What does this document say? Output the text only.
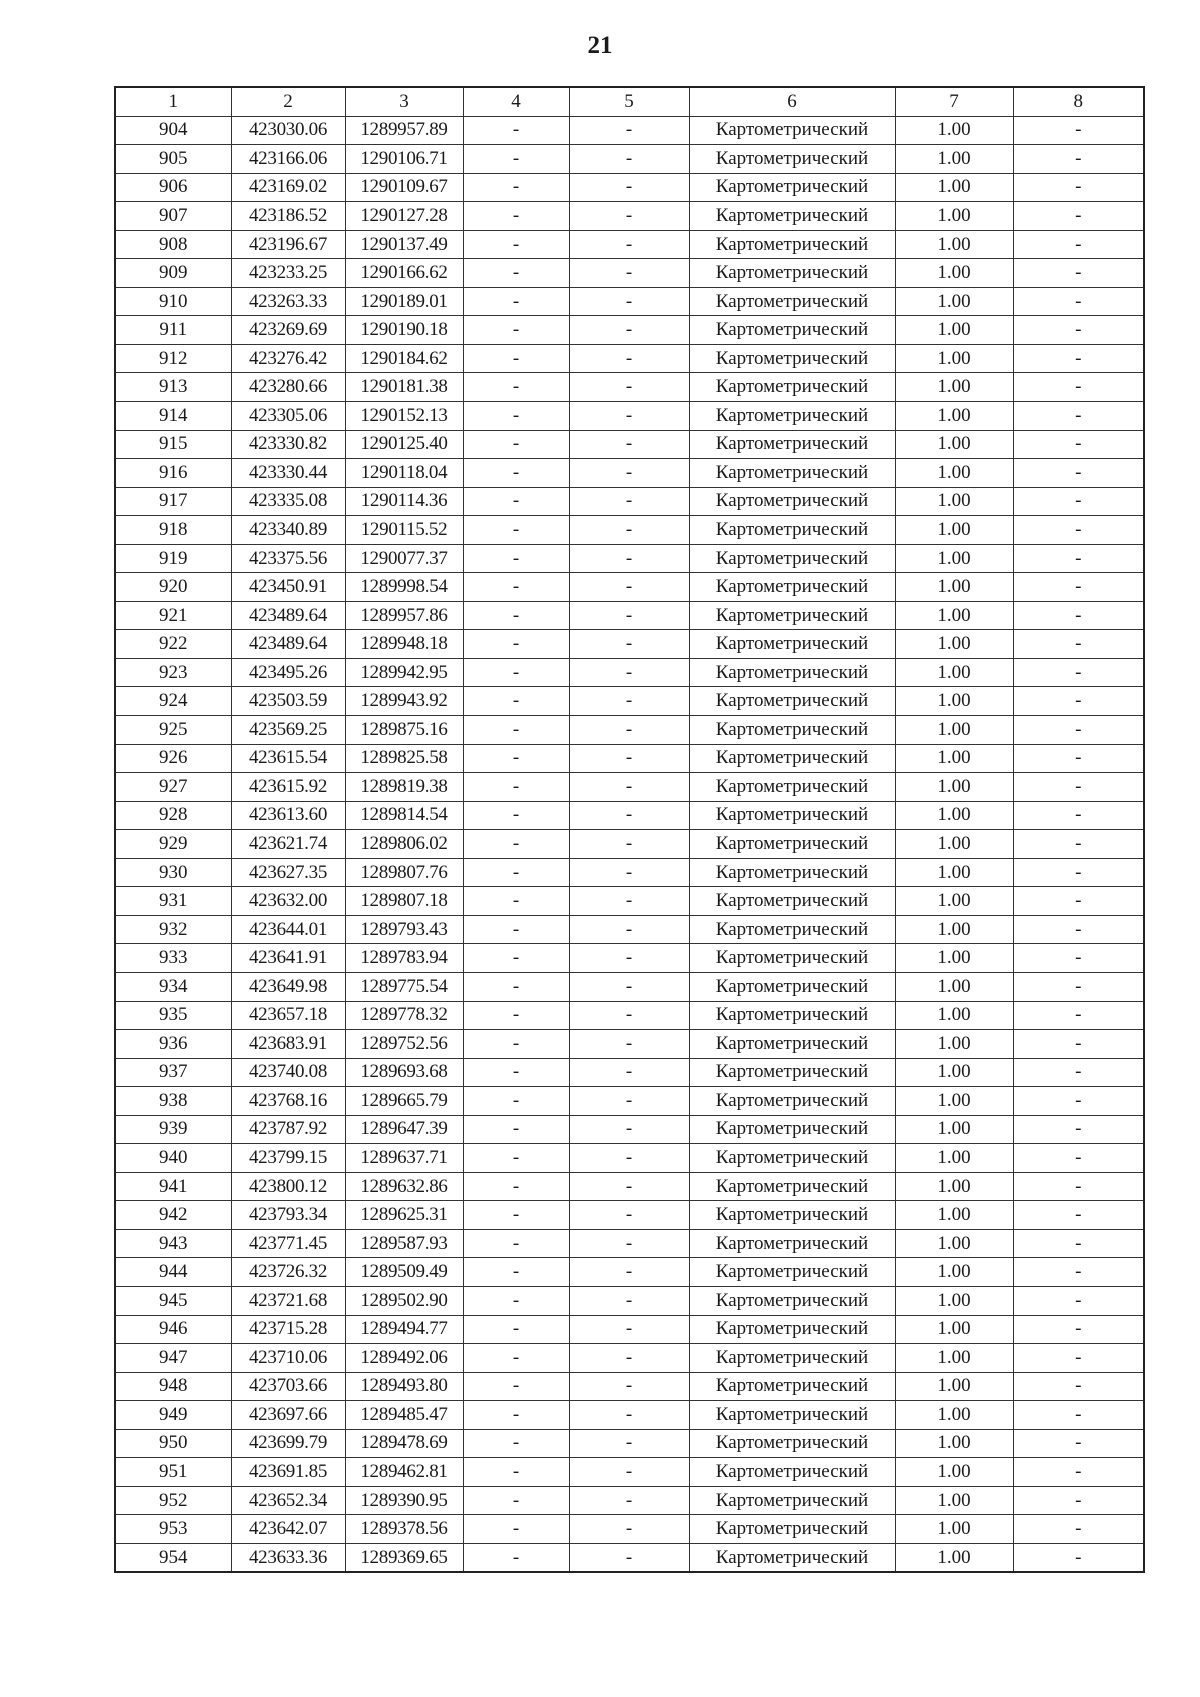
21
1	2	3	4	5	6	7	8
904	423030.06	1289957.89	-	-	Картометрический	1.00	-
905	423166.06	1290106.71	-	-	Картометрический	1.00	-
906	423169.02	1290109.67	-	-	Картометрический	1.00	-
907	423186.52	1290127.28	-	-	Картометрический	1.00	-
908	423196.67	1290137.49	-	-	Картометрический	1.00	-
909	423233.25	1290166.62	-	-	Картометрический	1.00	-
910	423263.33	1290189.01	-	-	Картометрический	1.00	-
911	423269.69	1290190.18	-	-	Картометрический	1.00	-
912	423276.42	1290184.62	-	-	Картометрический	1.00	-
913	423280.66	1290181.38	-	-	Картометрический	1.00	-
914	423305.06	1290152.13	-	-	Картометрический	1.00	-
915	423330.82	1290125.40	-	-	Картометрический	1.00	-
916	423330.44	1290118.04	-	-	Картометрический	1.00	-
917	423335.08	1290114.36	-	-	Картометрический	1.00	-
918	423340.89	1290115.52	-	-	Картометрический	1.00	-
919	423375.56	1290077.37	-	-	Картометрический	1.00	-
920	423450.91	1289998.54	-	-	Картометрический	1.00	-
921	423489.64	1289957.86	-	-	Картометрический	1.00	-
922	423489.64	1289948.18	-	-	Картометрический	1.00	-
923	423495.26	1289942.95	-	-	Картометрический	1.00	-
924	423503.59	1289943.92	-	-	Картометрический	1.00	-
925	423569.25	1289875.16	-	-	Картометрический	1.00	-
926	423615.54	1289825.58	-	-	Картометрический	1.00	-
927	423615.92	1289819.38	-	-	Картометрический	1.00	-
928	423613.60	1289814.54	-	-	Картометрический	1.00	-
929	423621.74	1289806.02	-	-	Картометрический	1.00	-
930	423627.35	1289807.76	-	-	Картометрический	1.00	-
931	423632.00	1289807.18	-	-	Картометрический	1.00	-
932	423644.01	1289793.43	-	-	Картометрический	1.00	-
933	423641.91	1289783.94	-	-	Картометрический	1.00	-
934	423649.98	1289775.54	-	-	Картометрический	1.00	-
935	423657.18	1289778.32	-	-	Картометрический	1.00	-
936	423683.91	1289752.56	-	-	Картометрический	1.00	-
937	423740.08	1289693.68	-	-	Картометрический	1.00	-
938	423768.16	1289665.79	-	-	Картометрический	1.00	-
939	423787.92	1289647.39	-	-	Картометрический	1.00	-
940	423799.15	1289637.71	-	-	Картометрический	1.00	-
941	423800.12	1289632.86	-	-	Картометрический	1.00	-
942	423793.34	1289625.31	-	-	Картометрический	1.00	-
943	423771.45	1289587.93	-	-	Картометрический	1.00	-
944	423726.32	1289509.49	-	-	Картометрический	1.00	-
945	423721.68	1289502.90	-	-	Картометрический	1.00	-
946	423715.28	1289494.77	-	-	Картометрический	1.00	-
947	423710.06	1289492.06	-	-	Картометрический	1.00	-
948	423703.66	1289493.80	-	-	Картометрический	1.00	-
949	423697.66	1289485.47	-	-	Картометрический	1.00	-
950	423699.79	1289478.69	-	-	Картометрический	1.00	-
951	423691.85	1289462.81	-	-	Картометрический	1.00	-
952	423652.34	1289390.95	-	-	Картометрический	1.00	-
953	423642.07	1289378.56	-	-	Картометрический	1.00	-
954	423633.36	1289369.65	-	-	Картометрический	1.00	-
